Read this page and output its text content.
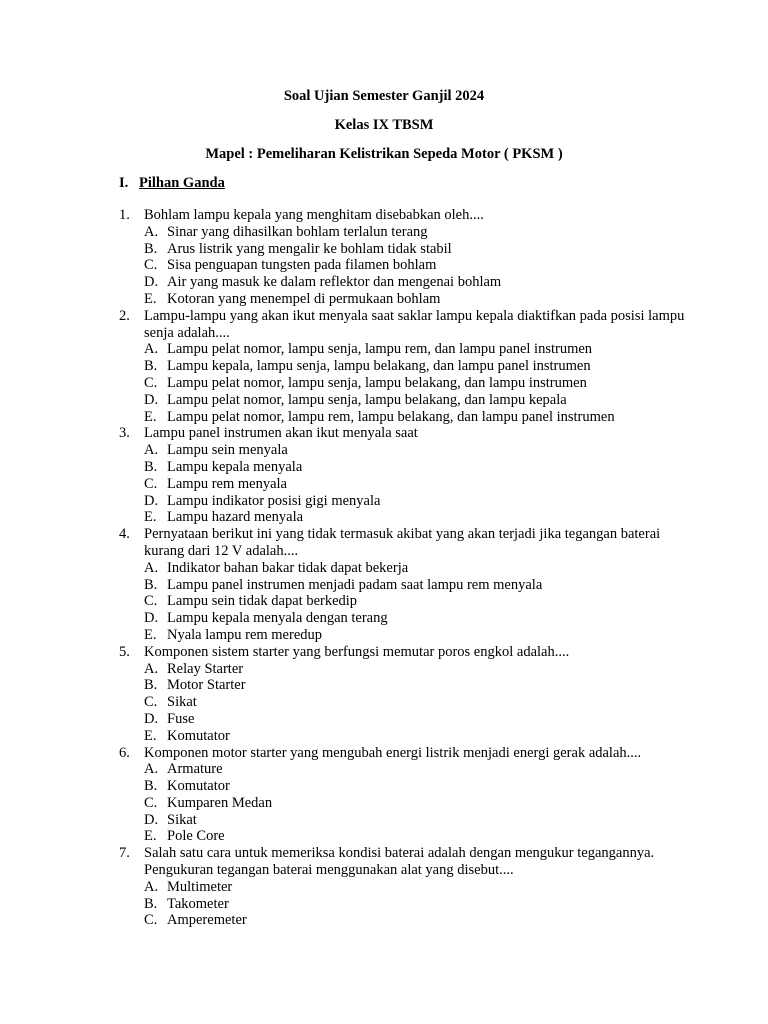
Soal Ujian Semester Ganjil 2024
Kelas IX TBSM
Mapel : Pemeliharan Kelistrikan Sepeda Motor ( PKSM )
I. Pilhan Ganda
1. Bohlam lampu kepala yang menghitam disebabkan oleh....
A. Sinar yang dihasilkan bohlam terlalun terang
B. Arus listrik yang mengalir ke bohlam tidak stabil
C. Sisa penguapan tungsten pada filamen bohlam
D. Air yang masuk ke dalam reflektor dan mengenai bohlam
E. Kotoran yang menempel di permukaan bohlam
2. Lampu-lampu yang akan ikut menyala saat saklar lampu kepala diaktifkan pada posisi lampu senja adalah....
A. Lampu pelat nomor, lampu senja, lampu rem, dan lampu panel instrumen
B. Lampu kepala, lampu senja, lampu belakang, dan lampu panel instrumen
C. Lampu pelat nomor, lampu senja, lampu belakang, dan lampu instrumen
D. Lampu pelat nomor, lampu senja, lampu belakang, dan lampu kepala
E. Lampu pelat nomor, lampu rem, lampu belakang, dan lampu panel instrumen
3. Lampu panel instrumen akan ikut menyala saat
A. Lampu sein menyala
B. Lampu kepala menyala
C. Lampu rem menyala
D. Lampu indikator posisi gigi menyala
E. Lampu hazard menyala
4. Pernyataan berikut ini yang tidak termasuk akibat yang akan terjadi jika tegangan baterai kurang dari 12 V adalah....
A. Indikator bahan bakar tidak dapat bekerja
B. Lampu panel instrumen menjadi padam saat lampu rem menyala
C. Lampu sein tidak dapat berkedip
D. Lampu kepala menyala dengan terang
E. Nyala lampu rem meredup
5. Komponen sistem starter yang berfungsi memutar poros engkol adalah....
A. Relay Starter
B. Motor Starter
C. Sikat
D. Fuse
E. Komutator
6. Komponen motor starter yang mengubah energi listrik menjadi energi gerak adalah....
A. Armature
B. Komutator
C. Kumparen Medan
D. Sikat
E. Pole Core
7. Salah satu cara untuk memeriksa kondisi baterai adalah dengan mengukur tegangannya. Pengukuran tegangan baterai menggunakan alat yang disebut....
A. Multimeter
B. Takometer
C. Amperemeter
